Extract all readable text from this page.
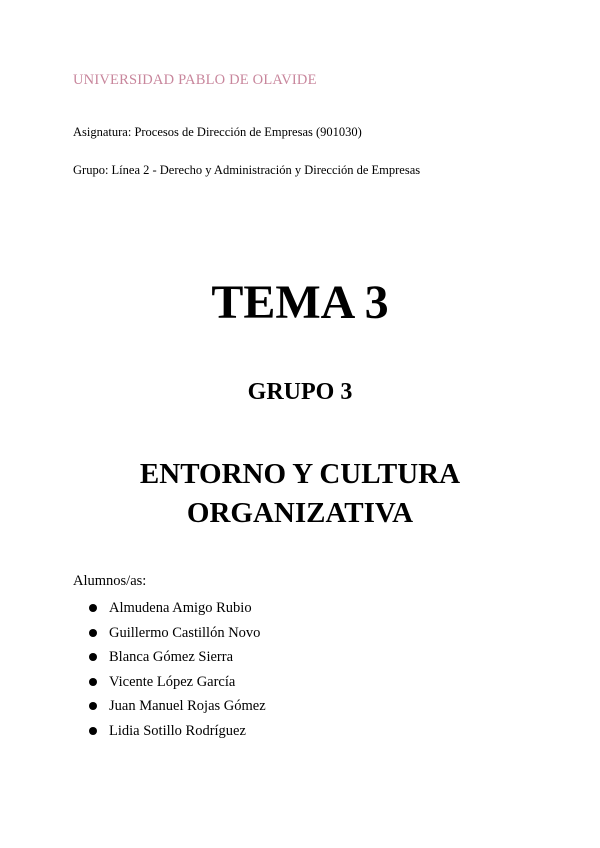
UNIVERSIDAD PABLO DE OLAVIDE
Asignatura: Procesos de Dirección de Empresas (901030)
Grupo: Línea 2 - Derecho y Administración y Dirección de Empresas
TEMA 3
GRUPO 3
ENTORNO Y CULTURA
ORGANIZATIVA
Alumnos/as:
Almudena Amigo Rubio
Guillermo Castillón Novo
Blanca Gómez Sierra
Vicente López García
Juan Manuel Rojas Gómez
Lidia Sotillo Rodríguez
